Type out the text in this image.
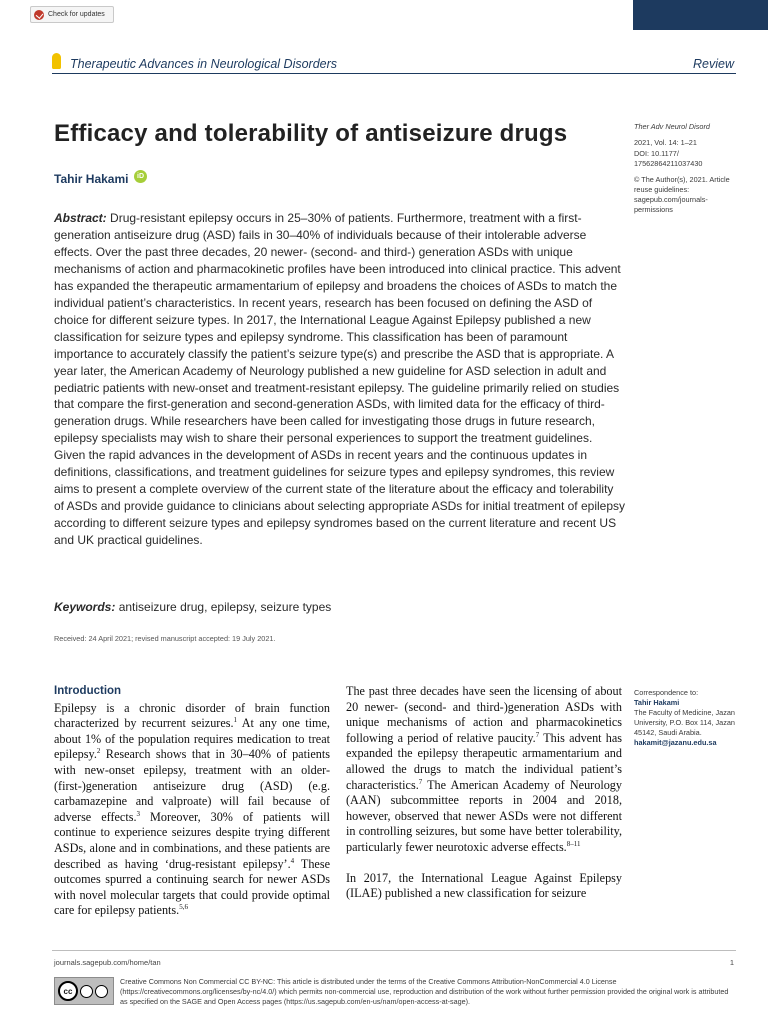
Check for updates
Therapeutic Advances in Neurological Disorders	Review
Efficacy and tolerability of antiseizure drugs
Tahir Hakami	iD

Ther Adv Neurol Disord

2021, Vol. 14: 1–21

DOI: 10.1177/ 17562864211037430

© The Author(s), 2021. Article reuse guidelines: sagepub.com/journals-permissions

Abstract: Drug-resistant epilepsy occurs in 25–30% of patients. Furthermore, treatment with a first-generation antiseizure drug (ASD) fails in 30–40% of individuals because of their intolerable adverse effects. Over the past three decades, 20 newer- (second- and third-) generation ASDs with unique mechanisms of action and pharmacokinetic profiles have been introduced into clinical practice. This advent has expanded the therapeutic armamentarium of epilepsy and broadens the choices of ASDs to match the individual patient’s characteristics. In recent years, research has been focused on defining the ASD of choice for different seizure types. In 2017, the International League Against Epilepsy published a new classification for seizure types and epilepsy syndrome. This classification has been of paramount importance to accurately classify the patient’s seizure type(s) and prescribe the ASD that is appropriate. A year later, the American Academy of Neurology published a new guideline for ASD selection in adult and pediatric patients with new-onset and treatment-resistant epilepsy. The guideline primarily relied on studies that compare the first-generation and second-generation ASDs, with limited data for the efficacy of third-generation drugs. While researchers have been called for investigating those drugs in future research, epilepsy specialists may wish to share their personal experiences to support the treatment guidelines. Given the rapid advances in the development of ASDs in recent years and the continuous updates in definitions, classifications, and treatment guidelines for seizure types and epilepsy syndromes, this review aims to present a complete overview of the current state of the literature about the efficacy and tolerability of ASDs and provide guidance to clinicians about selecting appropriate ASDs for initial treatment of epilepsy according to different seizure types and epilepsy syndromes based on the current literature and recent US and UK practical guidelines.

Keywords: antiseizure drug, epilepsy, seizure types
Received: 24 April 2021; revised manuscript accepted: 19 July 2021.
Introduction

Epilepsy is a chronic disorder of brain function characterized by recurrent seizures.$^1$ At any one time, about 1% of the population requires medication to treat epilepsy.$^2$ Research shows that in 30–40% of patients with new-onset epilepsy, treatment with an older- (first-)generation antiseizure drug (ASD) (e.g. carbamazepine and valproate) will fail because of adverse effects.$^3$ Moreover, 30% of patients will continue to experience seizures despite trying different ASDs, alone and in combinations, and these patients are described as having ‘drug-resistant epilepsy’.$^4$ These outcomes spurred a continuing search for newer ASDs with novel molecular targets that could provide optimal care for epilepsy patients.$^{5,6}$

The past three decades have seen the licensing of about 20 newer- (second- and third-)generation ASDs with unique mechanisms of action and pharmacokinetics following a period of relative paucity.$^7$ This advent has expanded the epilepsy therapeutic armamentarium and allowed the drugs to match the individual patient’s characteristics.$^7$ The American Academy of Neurology (AAN) subcommittee reports in 2004 and 2018, however, observed that newer ASDs were not different in controlling seizures, but some have better tolerability, particularly fewer neurotoxic adverse effects.$^{8-11}$

In 2017, the International League Against Epilepsy (ILAE) published a new classification for seizure

Correspondence to:
Tahir Hakami
The Faculty of Medicine, Jazan University, P.O. Box 114, Jazan 45142, Saudi Arabia.
hakamit@jazanu.edu.sa
journals.sagepub.com/home/tan	1
cc
Creative Commons Non Commercial CC BY-NC: This article is distributed under the terms of the Creative Commons Attribution-NonCommercial 4.0 License (https://creativecommons.org/licenses/by-nc/4.0/) which permits non-commercial use, reproduction and distribution of the work without further permission provided the original work is attributed as specified on the SAGE and Open Access pages (https://us.sagepub.com/en-us/nam/open-access-at-sage).
